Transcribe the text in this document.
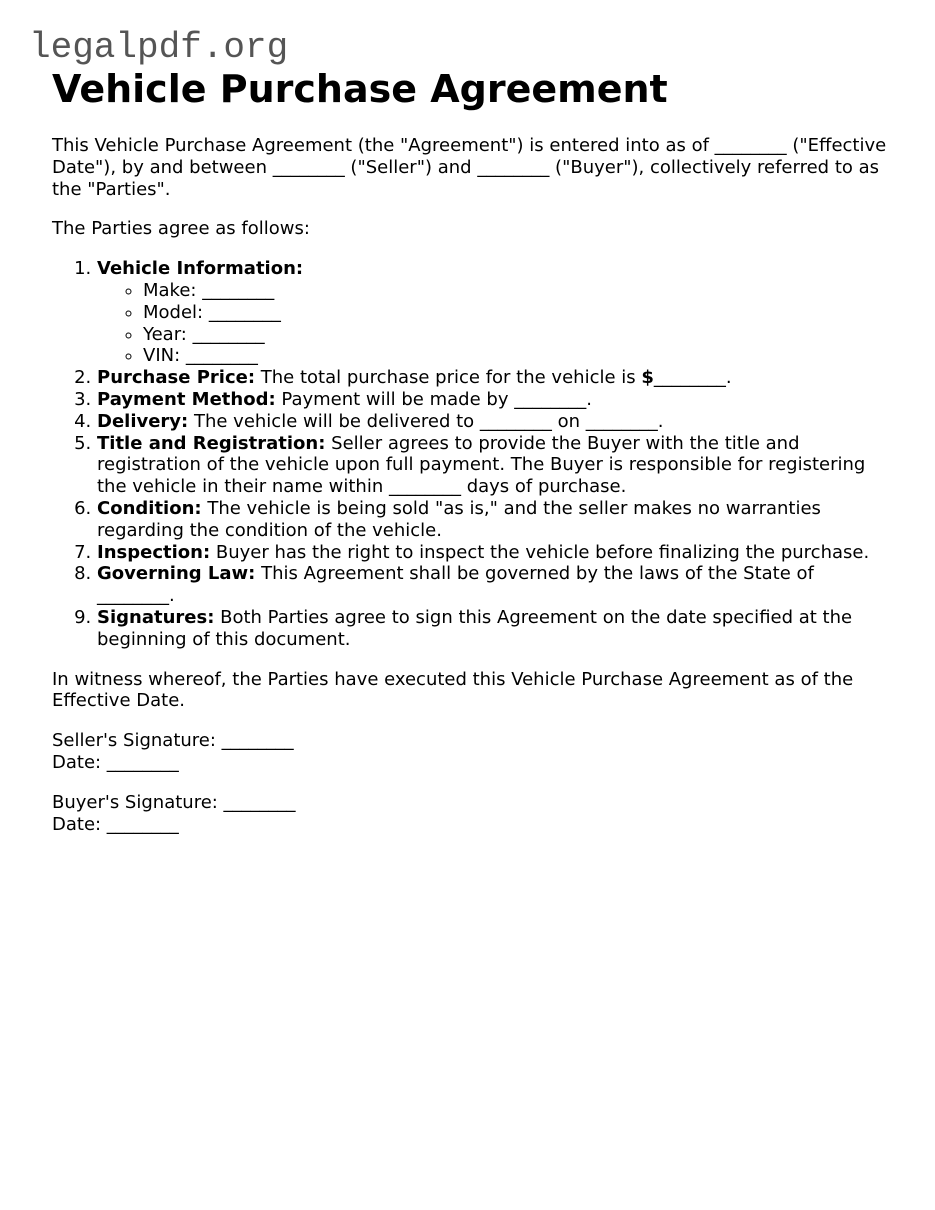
legalpdf.org
Vehicle Purchase Agreement

This Vehicle Purchase Agreement (the "Agreement") is entered into as of ________ ("Effective Date"), by and between ________ ("Seller") and ________ ("Buyer"), collectively referred to as the "Parties".

The Parties agree as follows:

1. Vehicle Information:
◦ Make: ________
◦ Model: ________
◦ Year: ________
◦ VIN: ________
2. Purchase Price: The total purchase price for the vehicle is $________.
3. Payment Method: Payment will be made by ________.
4. Delivery: The vehicle will be delivered to ________ on ________.
5. Title and Registration: Seller agrees to provide the Buyer with the title and registration of the vehicle upon full payment. The Buyer is responsible for registering the vehicle in their name within ________ days of purchase.
6. Condition: The vehicle is being sold "as is," and the seller makes no warranties regarding the condition of the vehicle.
7. Inspection: Buyer has the right to inspect the vehicle before finalizing the purchase.
8. Governing Law: This Agreement shall be governed by the laws of the State of ________.
9. Signatures: Both Parties agree to sign this Agreement on the date specified at the beginning of this document.

In witness whereof, the Parties have executed this Vehicle Purchase Agreement as of the Effective Date.

Seller's Signature: ________
Date: ________
Buyer's Signature: ________
Date: ________
